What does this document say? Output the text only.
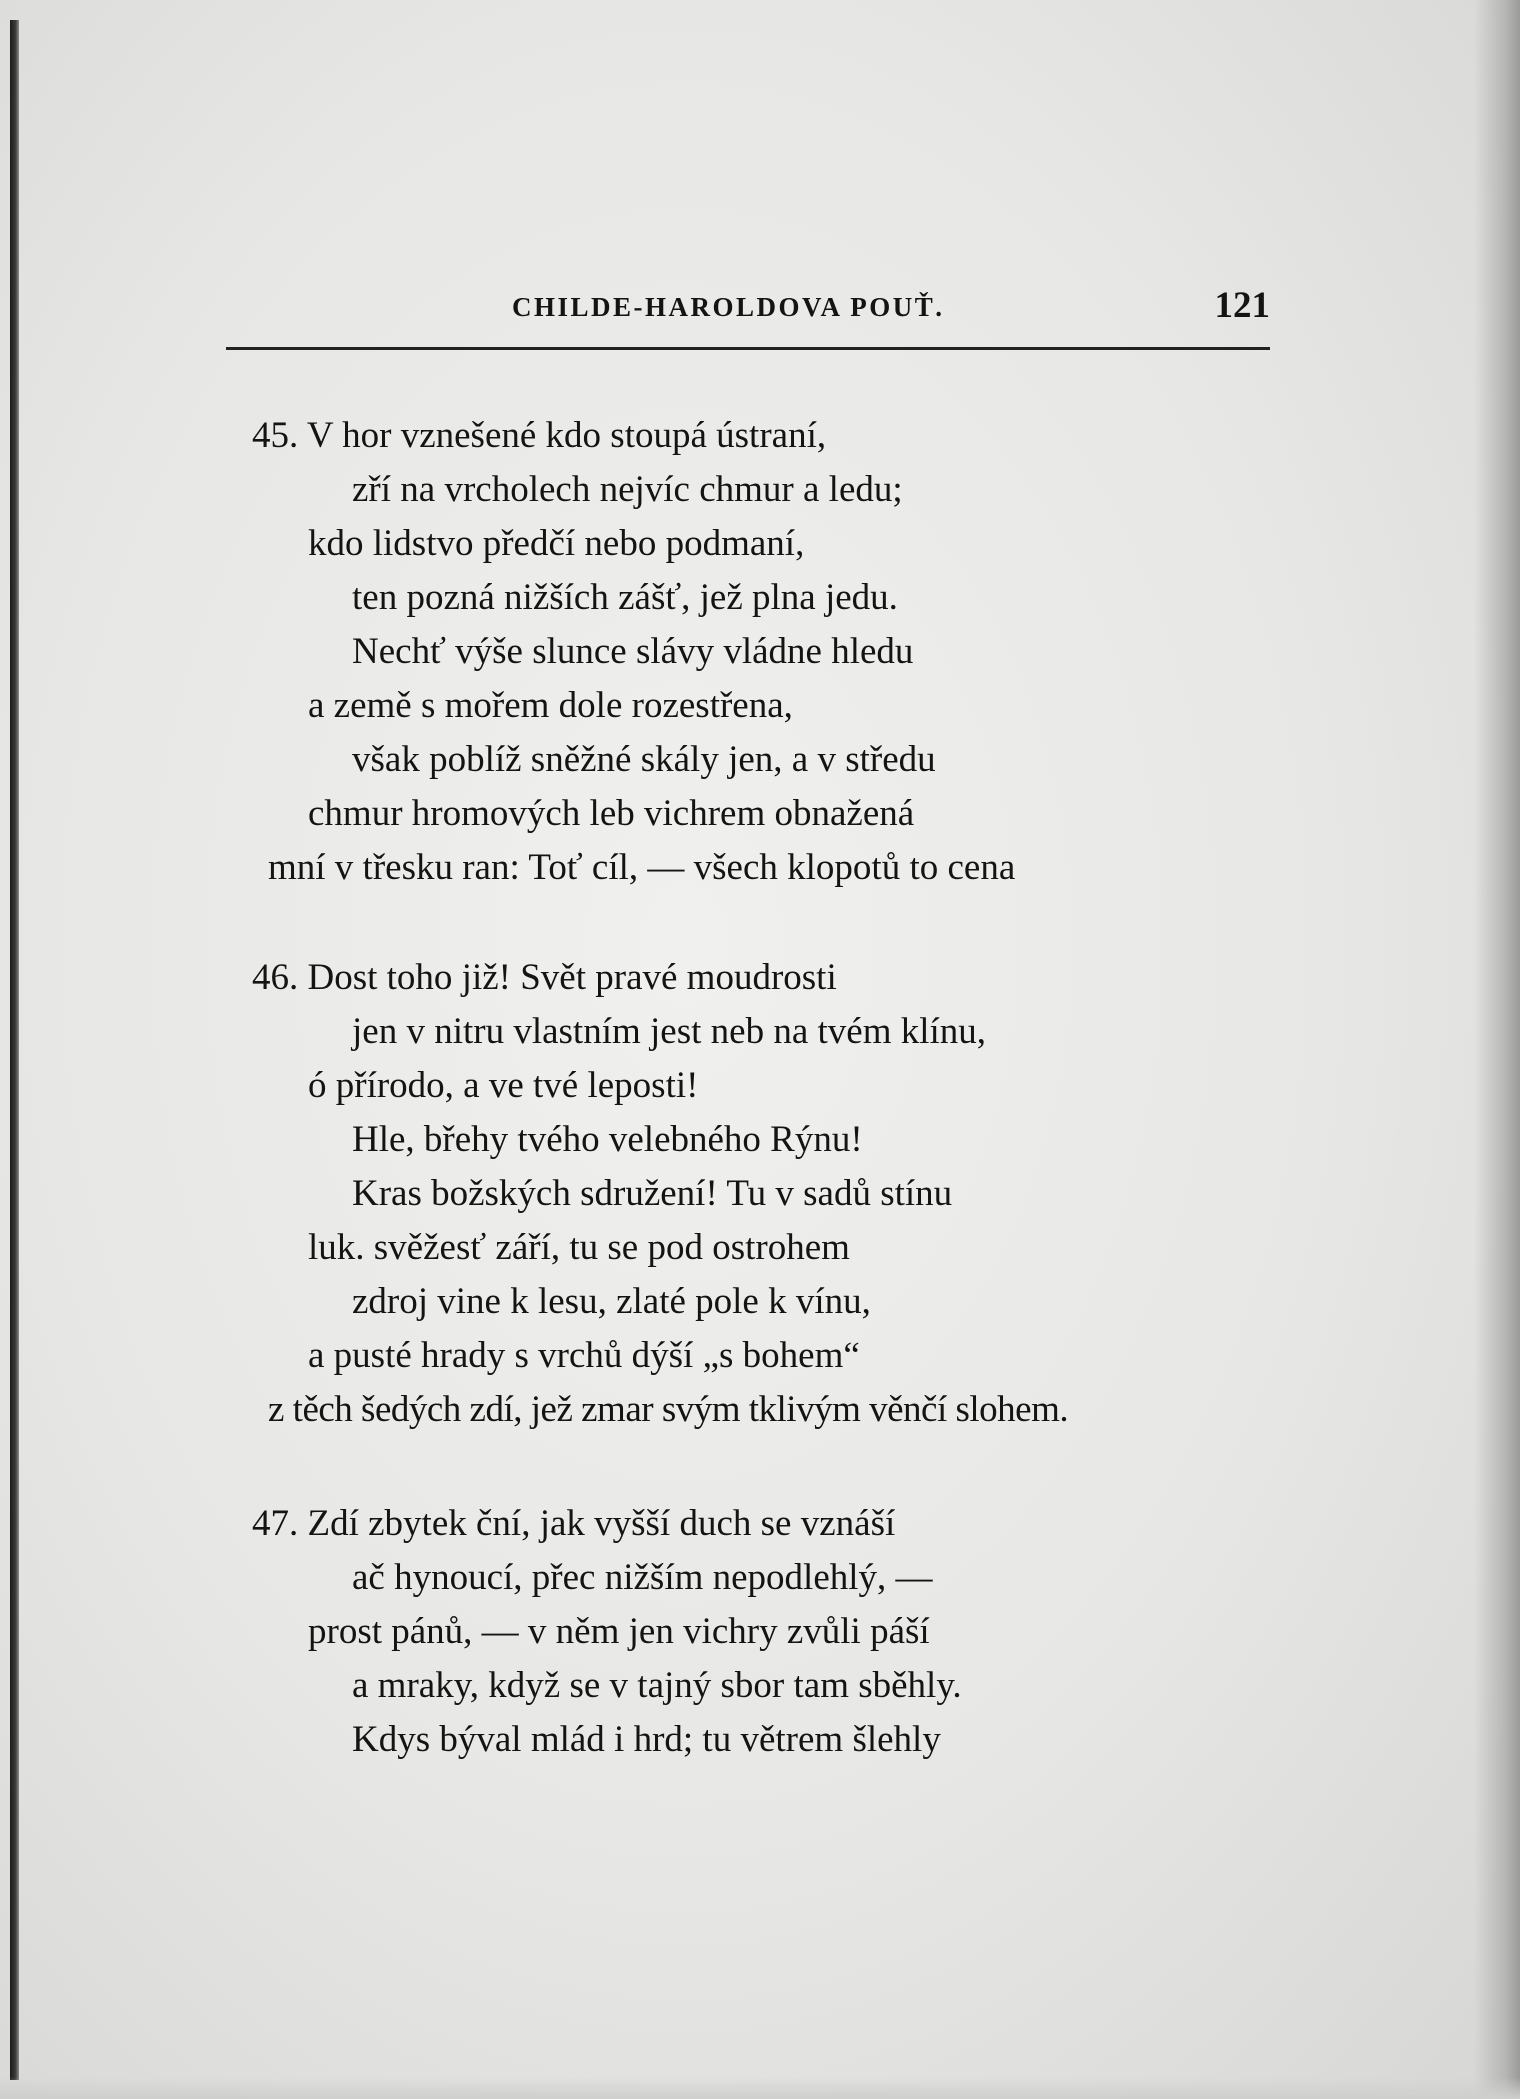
CHILDE-HAROLDOVA POUŤ.	121
45. V hor vznešené kdo stoupá ústraní,
zří na vrcholech nejvíc chmur a ledu;
kdo lidstvo předčí nebo podmaní,
ten pozná nižších zášť, jež plna jedu.
Nechť výše slunce slávy vládne hledu
a země s mořem dole rozestřena,
však poblíž sněžné skály jen, a v středu
chmur hromových leb vichrem obnažená
mní v třesku ran: Toť cíl, — všech klopotů to cena
46. Dost toho již! Svět pravé moudrosti
jen v nitru vlastním jest neb na tvém klínu,
ó přírodo, a ve tvé leposti!
Hle, břehy tvého velebného Rýnu!
Kras božských sdružení! Tu v sadů stínu
luk. svěžesť září, tu se pod ostrohem
zdroj vine k lesu, zlaté pole k vínu,
a pusté hrady s vrchů dýší „s bohem“
z těch šedých zdí, jež zmar svým tklivým věnčí slohem.
47. Zdí zbytek ční, jak vyšší duch se vznáší
ač hynoucí, přec nižším nepodlehlý, —
prost pánů, — v něm jen vichry zvůli páší
a mraky, když se v tajný sbor tam sběhly.
Kdys býval mlád i hrd; tu větrem šlehly
